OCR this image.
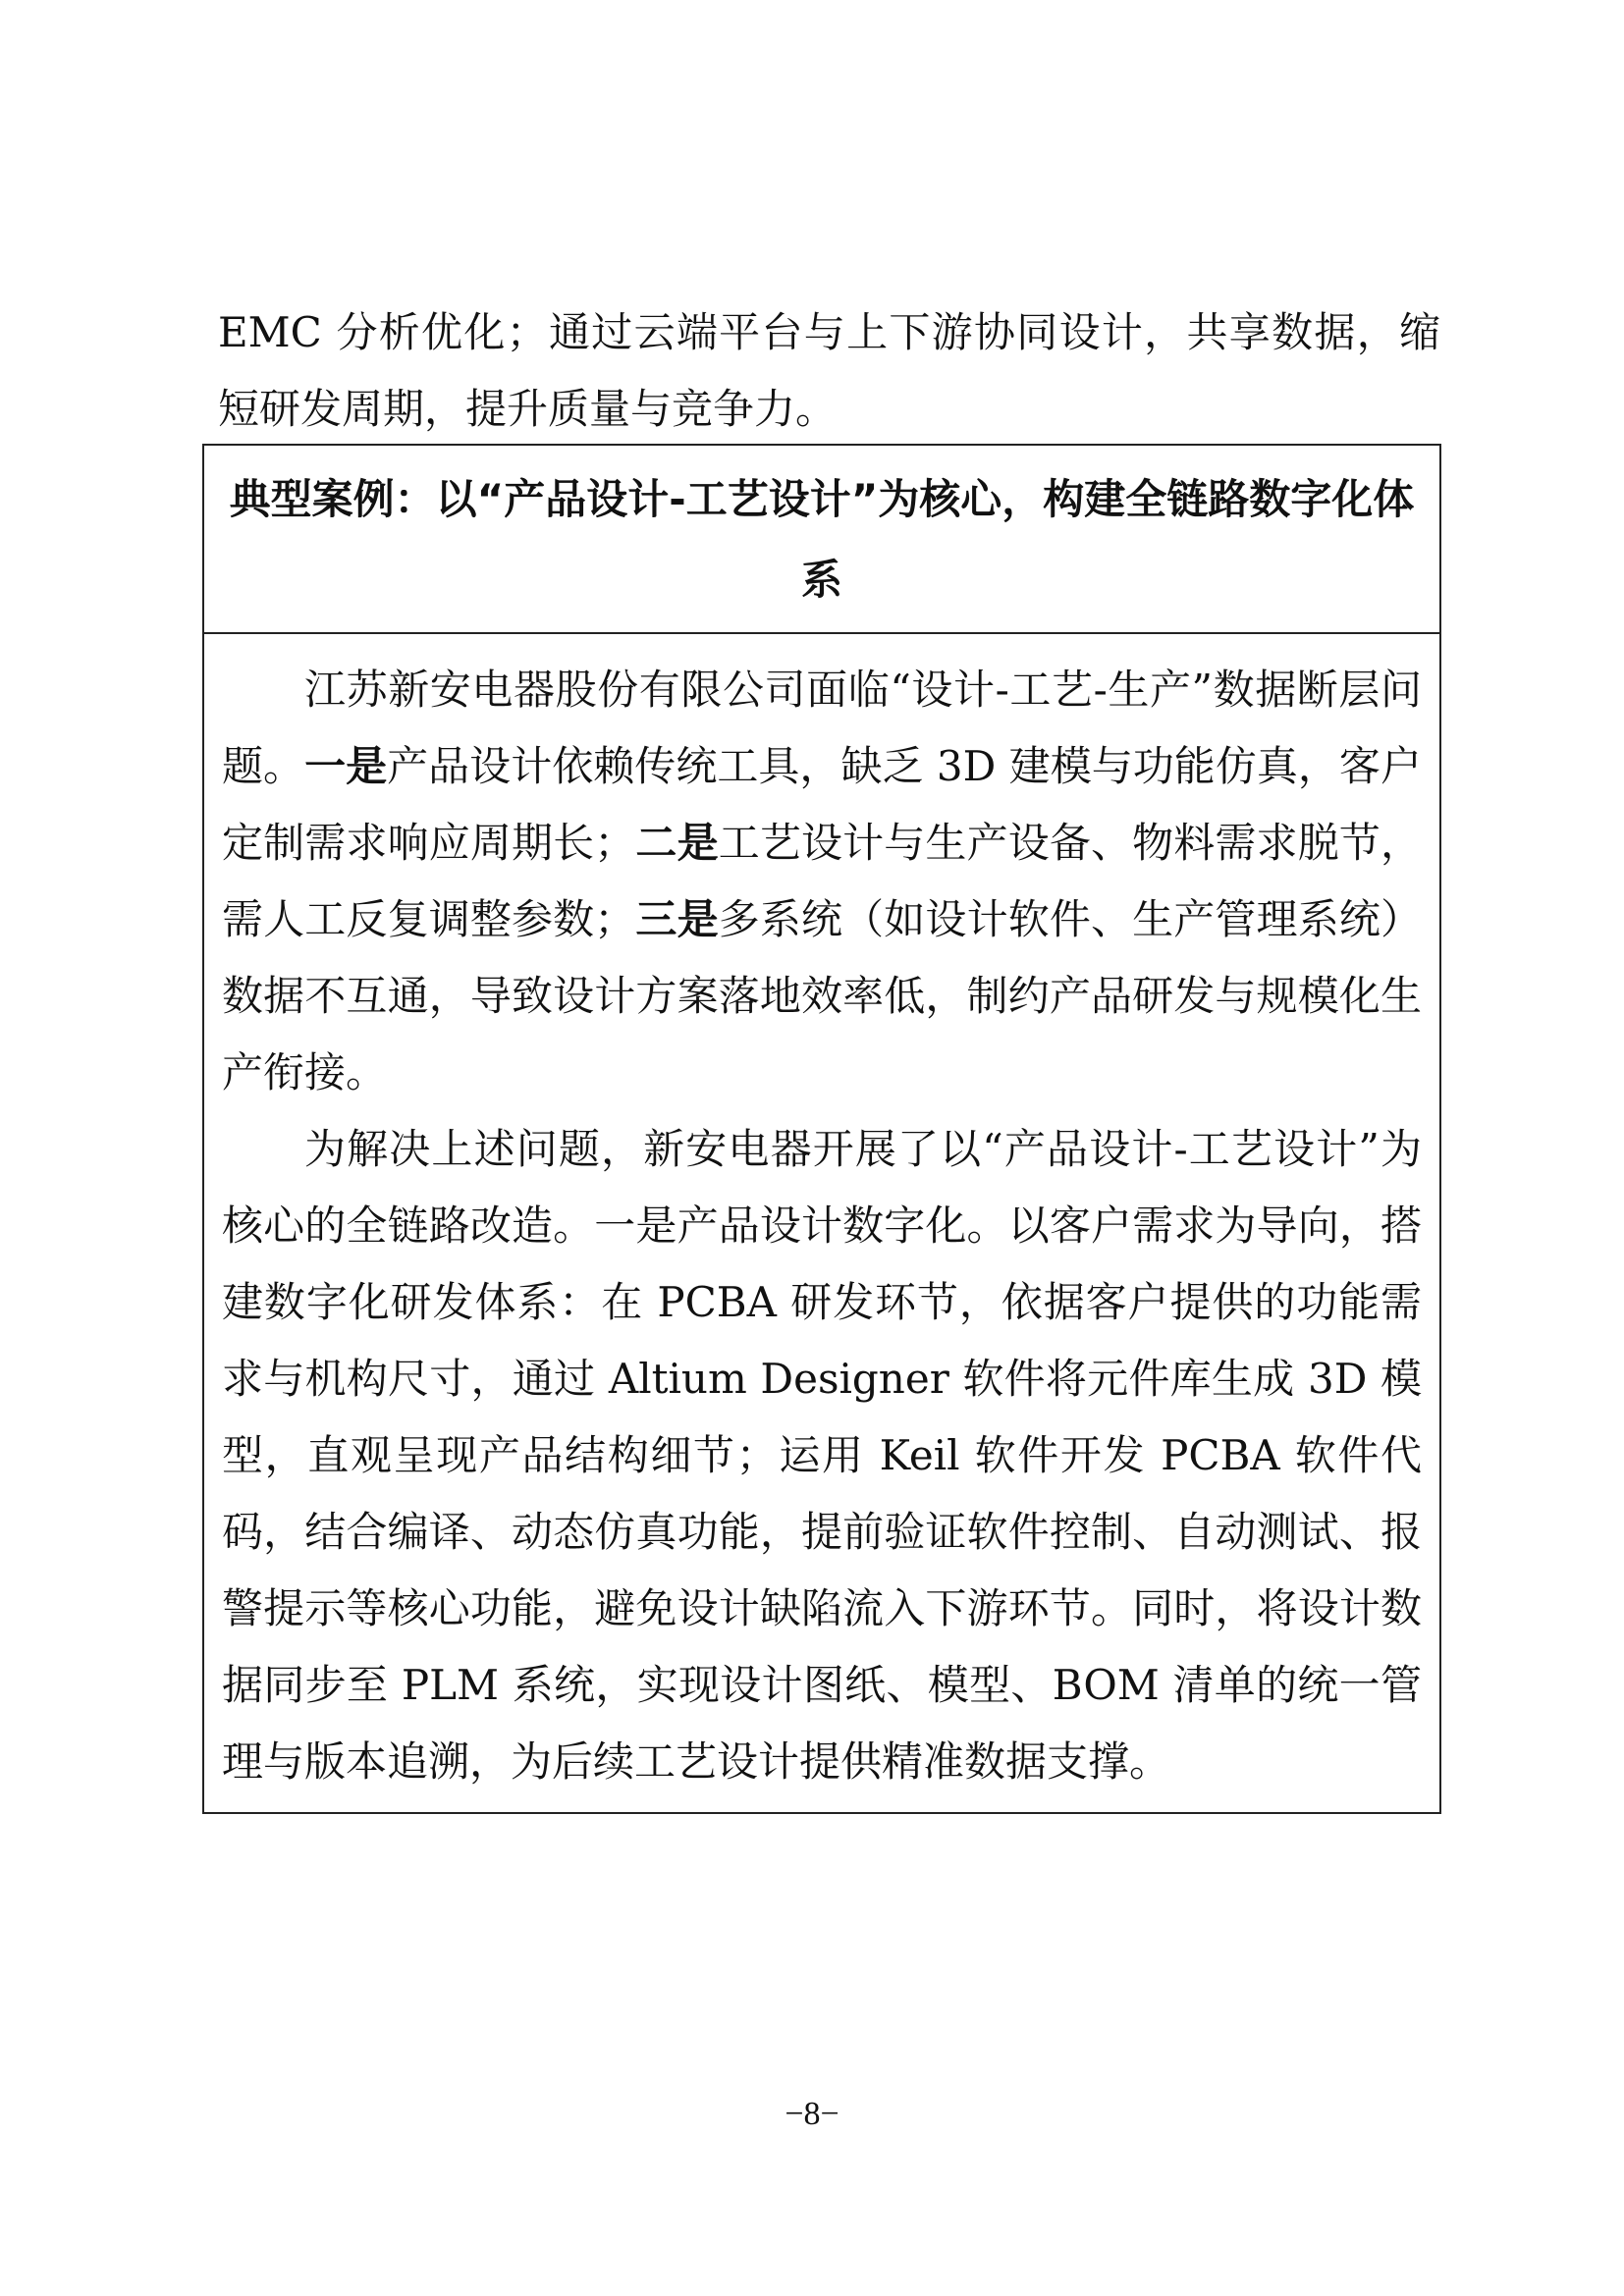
EMC 分析优化；通过云端平台与上下游协同设计，共享数据，缩短研发周期，提升质量与竞争力。

典型案例：以“产品设计-工艺设计”为核心，构建全链路数字化体系

江苏新安电器股份有限公司面临“设计-工艺-生产”数据断层问题。一是产品设计依赖传统工具，缺乏 3D 建模与功能仿真，客户定制需求响应周期长；二是工艺设计与生产设备、物料需求脱节，需人工反复调整参数；三是多系统（如设计软件、生产管理系统）数据不互通，导致设计方案落地效率低，制约产品研发与规模化生产衔接。

为解决上述问题，新安电器开展了以“产品设计-工艺设计”为核心的全链路改造。一是产品设计数字化。以客户需求为导向，搭建数字化研发体系：在 PCBA 研发环节，依据客户提供的功能需求与机构尺寸，通过 Altium Designer 软件将元件库生成 3D 模型，直观呈现产品结构细节；运用 Keil 软件开发 PCBA 软件代码，结合编译、动态仿真功能，提前验证软件控制、自动测试、报警提示等核心功能，避免设计缺陷流入下游环节。同时，将设计数据同步至 PLM 系统，实现设计图纸、模型、BOM 清单的统一管理与版本追溯，为后续工艺设计提供精准数据支撑。

−8−
